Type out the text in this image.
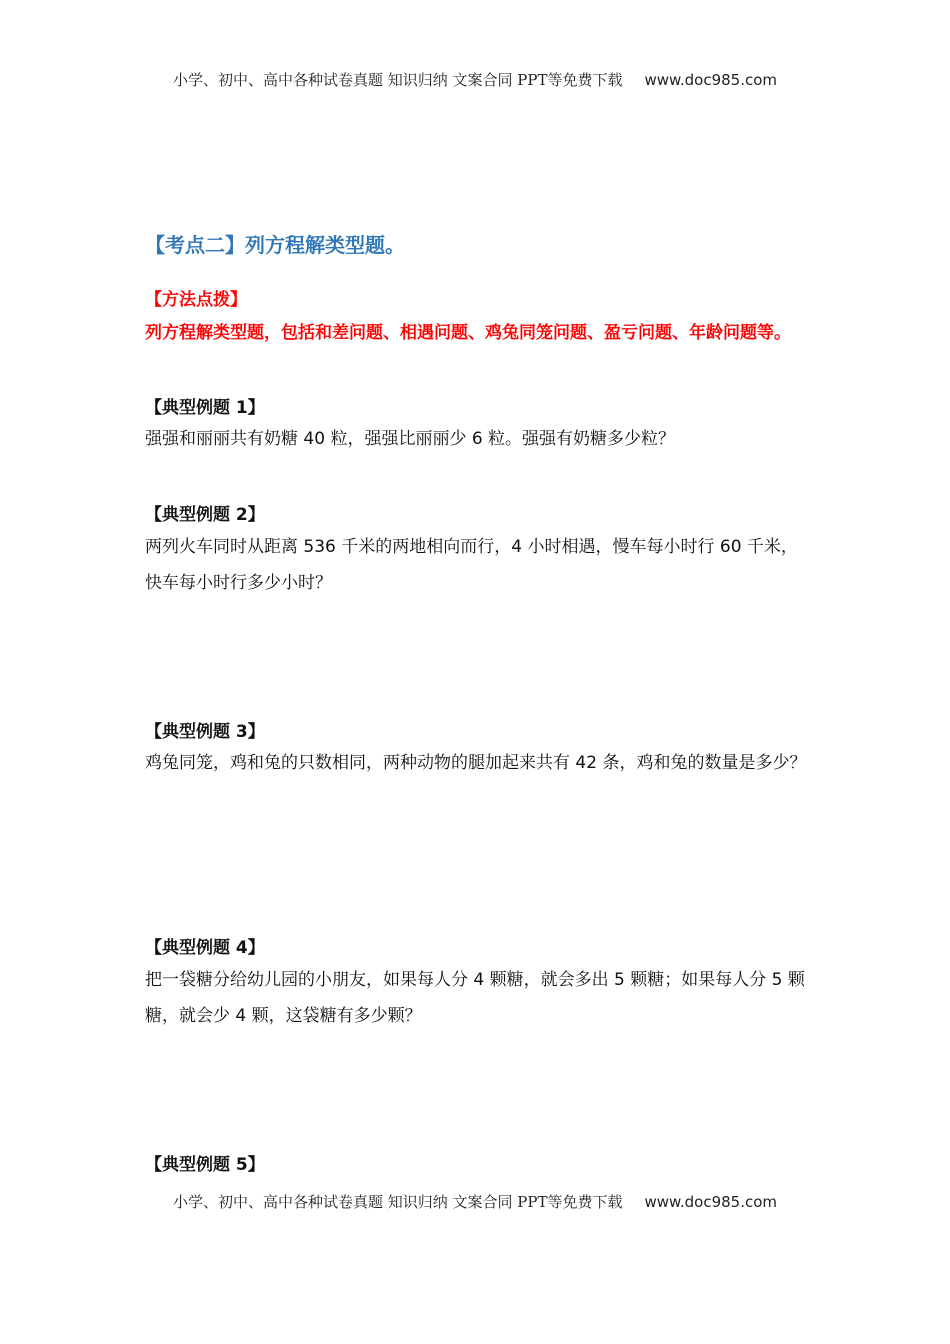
小学、初中、高中各种试卷真题 知识归纳 文案合同 PPT等免费下载 www.doc985.com
【考点二】列方程解类型题。
【方法点拨】
列方程解类型题，包括和差问题、相遇问题、鸡兔同笼问题、盈亏问题、年龄问题等。
【典型例题 1】
强强和丽丽共有奶糖 40 粒，强强比丽丽少 6 粒。强强有奶糖多少粒？
【典型例题 2】
两列火车同时从距离 536 千米的两地相向而行，4 小时相遇，慢车每小时行 60 千米，快车每小时行多少小时？
【典型例题 3】
鸡兔同笼，鸡和兔的只数相同，两种动物的腿加起来共有 42 条，鸡和兔的数量是多少？
【典型例题 4】
把一袋糖分给幼儿园的小朋友，如果每人分 4 颗糖，就会多出 5 颗糖；如果每人分 5 颗糖，就会少 4 颗，这袋糖有多少颗？
【典型例题 5】
小学、初中、高中各种试卷真题 知识归纳 文案合同 PPT等免费下载 www.doc985.com
